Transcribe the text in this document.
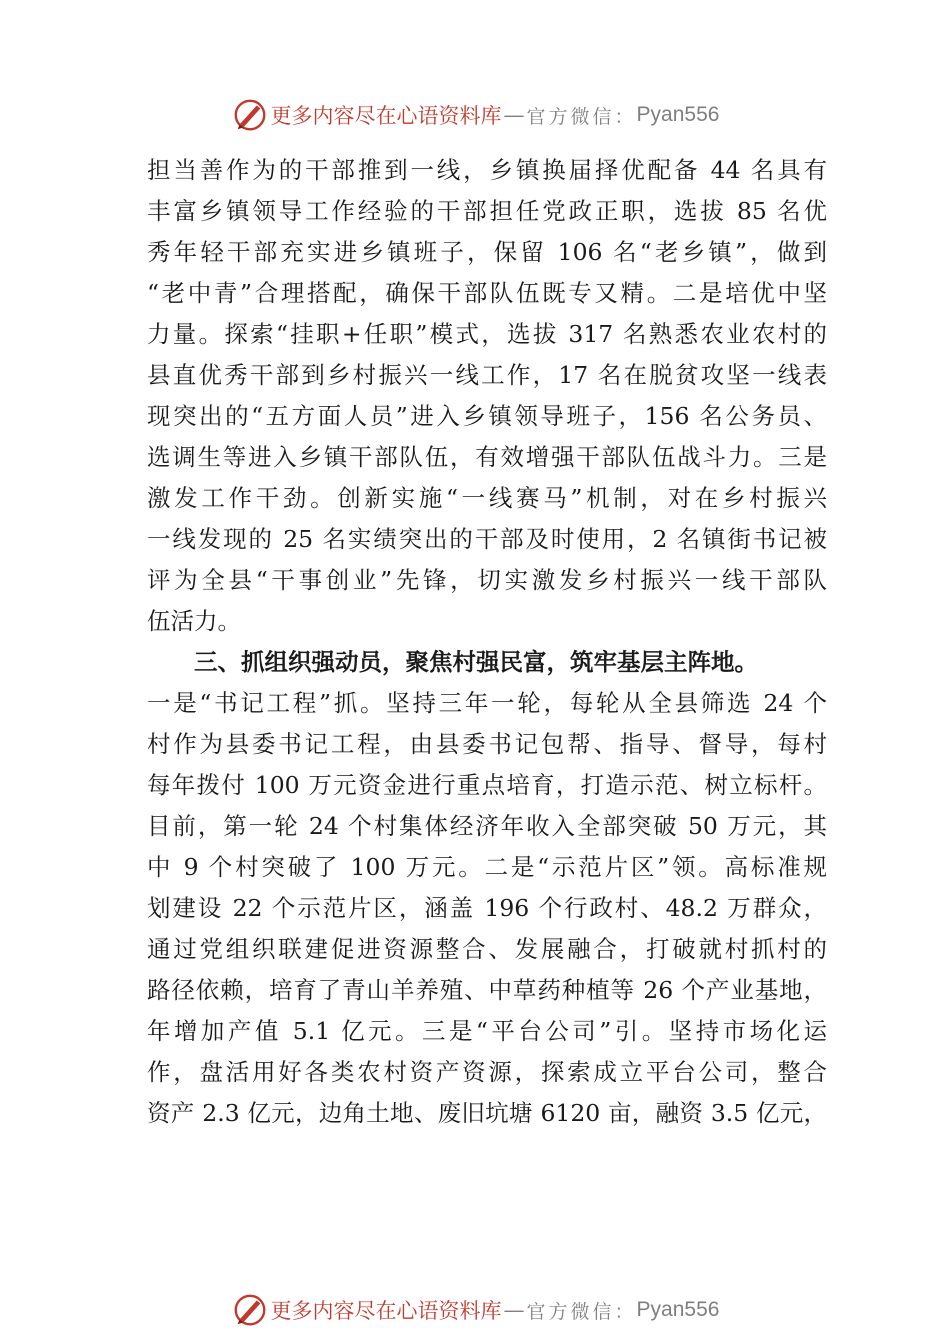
更多内容尽在心语资料库 — 官方微信： Pyan556
担当善作为的干部推到一线，乡镇换届择优配备 44 名具有
丰富乡镇领导工作经验的干部担任党政正职，选拔 85 名优
秀年轻干部充实进乡镇班子，保留 106 名“老乡镇”，做到
“老中青”合理搭配，确保干部队伍既专又精。二是培优中坚
力量。探索“挂职+任职”模式，选拔 317 名熟悉农业农村的
县直优秀干部到乡村振兴一线工作，17 名在脱贫攻坚一线表
现突出的“五方面人员”进入乡镇领导班子，156 名公务员、
选调生等进入乡镇干部队伍，有效增强干部队伍战斗力。三是
激发工作干劲。创新实施“一线赛马”机制，对在乡村振兴
一线发现的 25 名实绩突出的干部及时使用，2 名镇街书记被
评为全县“干事创业”先锋，切实激发乡村振兴一线干部队
伍活力。
三、抓组织强动员，聚焦村强民富，筑牢基层主阵地。
一是“书记工程”抓。坚持三年一轮，每轮从全县筛选 24 个
村作为县委书记工程，由县委书记包帮、指导、督导，每村
每年拨付 100 万元资金进行重点培育，打造示范、树立标杆。
目前，第一轮 24 个村集体经济年收入全部突破 50 万元，其
中 9 个村突破了 100 万元。二是“示范片区”领。高标准规
划建设 22 个示范片区，涵盖 196 个行政村、48.2 万群众，
通过党组织联建促进资源整合、发展融合，打破就村抓村的
路径依赖，培育了青山羊养殖、中草药种植等 26 个产业基地，
年增加产值 5.1 亿元。三是“平台公司”引。坚持市场化运
作，盘活用好各类农村资产资源，探索成立平台公司，整合
资产 2.3 亿元，边角土地、废旧坑塘 6120 亩，融资 3.5 亿元，
更多内容尽在心语资料库 — 官方微信： Pyan556
